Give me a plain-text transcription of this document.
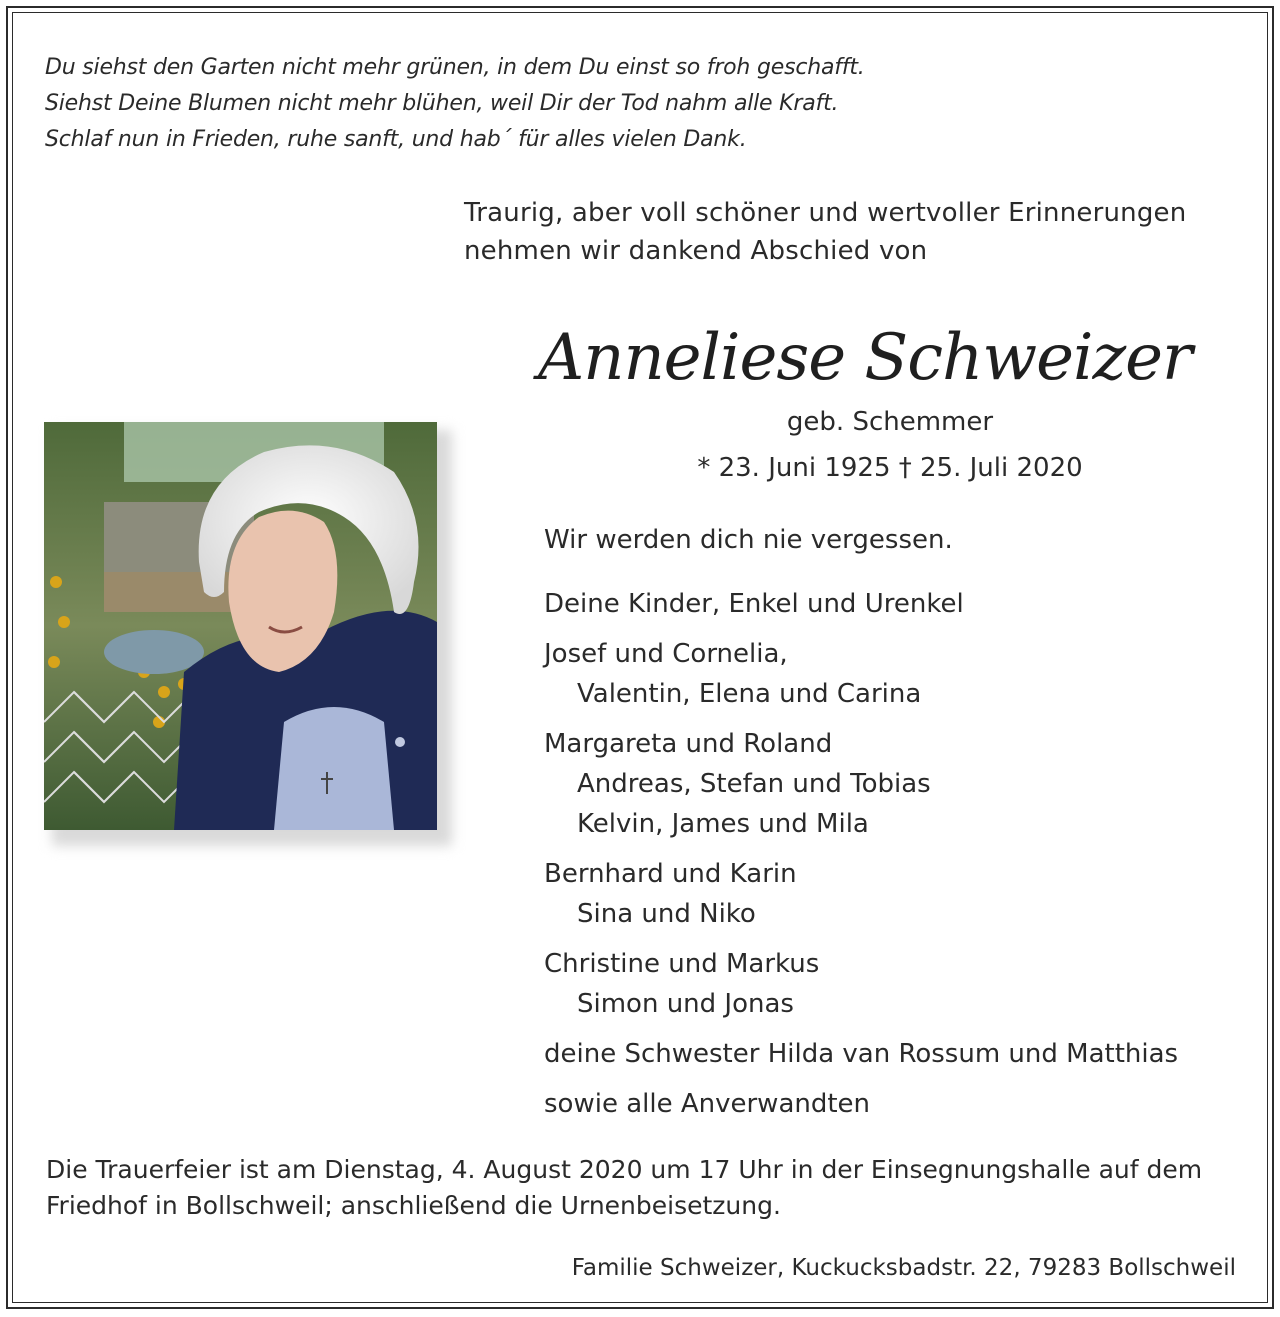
Du siehst den Garten nicht mehr grünen, in dem Du einst so froh geschafft.
Siehst Deine Blumen nicht mehr blühen, weil Dir der Tod nahm alle Kraft.
Schlaf nun in Frieden, ruhe sanft, und hab´ für alles vielen Dank.
Traurig, aber voll schöner und wertvoller Erinnerungen
nehmen wir dankend Abschied von
Anneliese Schweizer
geb. Schemmer
* 23. Juni 1925 † 25. Juli 2020
Wir werden dich nie vergessen.
Deine Kinder, Enkel und Urenkel
Josef und Cornelia,
Valentin, Elena und Carina
Margareta und Roland
Andreas, Stefan und Tobias
Kelvin, James und Mila
Bernhard und Karin
Sina und Niko
Christine und Markus
Simon und Jonas
deine Schwester Hilda van Rossum und Matthias
sowie alle Anverwandten
Die Trauerfeier ist am Dienstag, 4. August 2020 um 17 Uhr in der Einsegnungshalle auf dem
Friedhof in Bollschweil; anschließend die Urnenbeisetzung.
Familie Schweizer, Kuckucksbadstr. 22, 79283 Bollschweil
